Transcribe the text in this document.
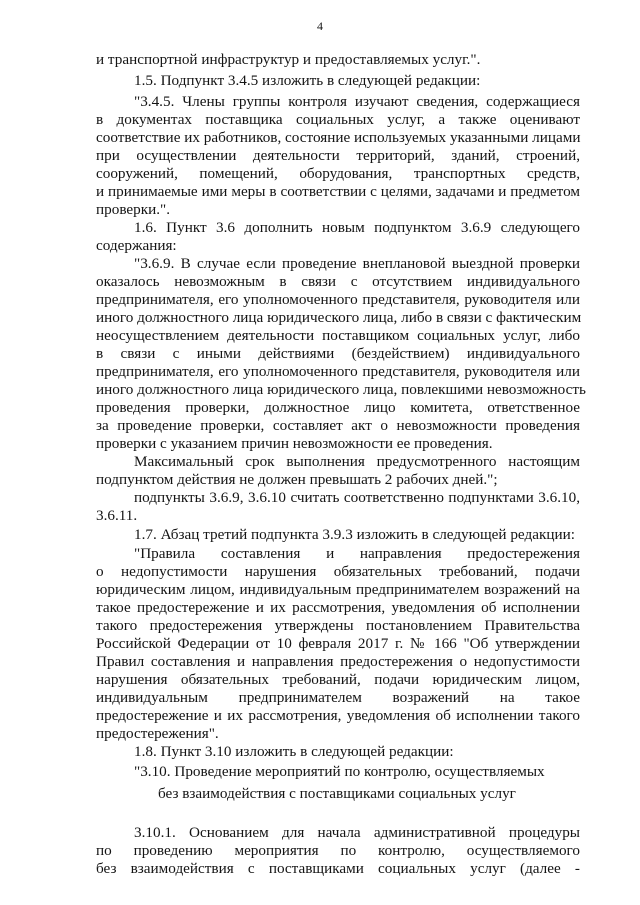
4
и транспортной инфраструктур и предоставляемых услуг.".
1.5. Подпункт 3.4.5 изложить в следующей редакции:
"3.4.5. Члены группы контроля изучают сведения, содержащиеся
в документах поставщика социальных услуг, а также оценивают
соответствие их работников, состояние используемых указанными лицами
при осуществлении деятельности территорий, зданий, строений,
сооружений, помещений, оборудования, транспортных средств,
и принимаемые ими меры в соответствии с целями, задачами и предметом
проверки.".
1.6. Пункт 3.6 дополнить новым подпунктом 3.6.9 следующего
содержания:
"3.6.9. В случае если проведение внеплановой выездной проверки
оказалось невозможным в связи с отсутствием индивидуального
предпринимателя, его уполномоченного представителя, руководителя или
иного должностного лица юридического лица, либо в связи с фактическим
неосуществлением деятельности поставщиком социальных услуг, либо
в связи с иными действиями (бездействием) индивидуального
предпринимателя, его уполномоченного представителя, руководителя или
иного должностного лица юридического лица, повлекшими невозможность
проведения проверки, должностное лицо комитета, ответственное
за проведение проверки, составляет акт о невозможности проведения
проверки с указанием причин невозможности ее проведения.
Максимальный срок выполнения предусмотренного настоящим
подпунктом действия не должен превышать 2 рабочих дней.";
подпункты 3.6.9, 3.6.10 считать соответственно подпунктами 3.6.10,
3.6.11.
1.7. Абзац третий подпункта 3.9.3 изложить в следующей редакции:
"Правила составления и направления предостережения
о недопустимости нарушения обязательных требований, подачи
юридическим лицом, индивидуальным предпринимателем возражений на
такое предостережение и их рассмотрения, уведомления об исполнении
такого предостережения утверждены постановлением Правительства
Российской Федерации от 10 февраля 2017 г. № 166 "Об утверждении
Правил составления и направления предостережения о недопустимости
нарушения обязательных требований, подачи юридическим лицом,
индивидуальным предпринимателем возражений на такое
предостережение и их рассмотрения, уведомления об исполнении такого
предостережения".
1.8. Пункт 3.10 изложить в следующей редакции:
"3.10. Проведение мероприятий по контролю, осуществляемых
без взаимодействия с поставщиками социальных услуг
3.10.1. Основанием для начала административной процедуры
по проведению мероприятия по контролю, осуществляемого
без взаимодействия с поставщиками социальных услуг (далее -
